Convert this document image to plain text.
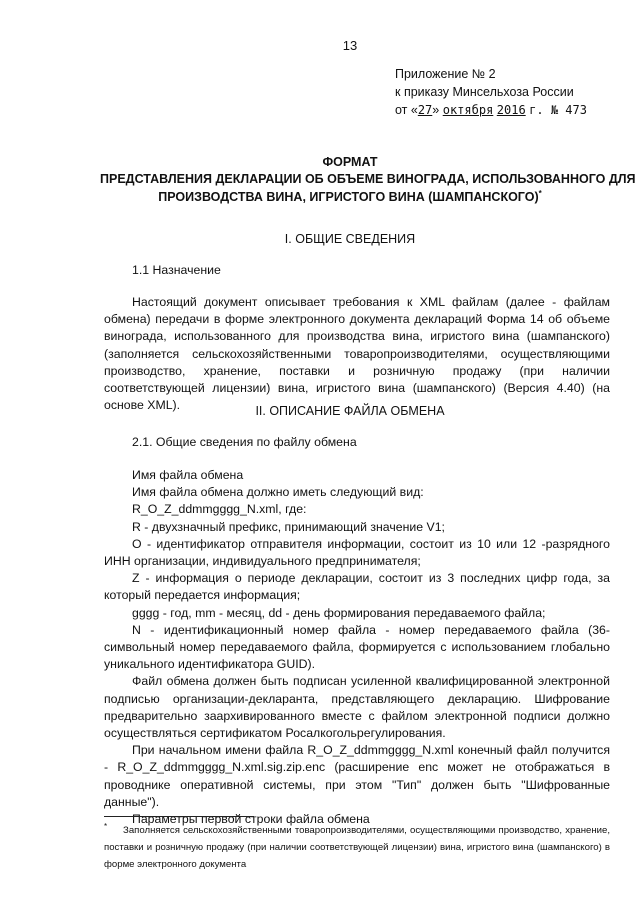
13
Приложение № 2
к приказу Минсельхоза России
от «27» октября 2016 г. № 473
ФОРМАТ
ПРЕДСТАВЛЕНИЯ ДЕКЛАРАЦИИ ОБ ОБЪЕМЕ ВИНОГРАДА, ИСПОЛЬЗОВАННОГО ДЛЯ
ПРОИЗВОДСТВА ВИНА, ИГРИСТОГО ВИНА (ШАМПАНСКОГО)*
I. ОБЩИЕ СВЕДЕНИЯ
1.1 Назначение

Настоящий документ описывает требования к XML файлам (далее - файлам обмена) передачи в форме электронного документа деклараций Форма 14 об объеме винограда, использованного для производства вина, игристого вина (шампанского) (заполняется сельскохозяйственными товаропроизводителями, осуществляющими производство, хранение, поставки и розничную продажу (при наличии соответствующей лицензии) вина, игристого вина (шампанского) (Версия 4.40) (на основе XML).	II. ОПИСАНИЕ ФАЙЛА ОБМЕНА
2.1. Общие сведения по файлу обмена

Имя файла обмена

Имя файла обмена должно иметь следующий вид:

R_O_Z_ddmmgggg_N.xml, где:

R - двухзначный префикс, принимающий значение V1;

O - идентификатор отправителя информации, состоит из 10 или 12 -разрядного ИНН организации, индивидуального предпринимателя;

Z - информация о периоде декларации, состоит из 3 последних цифр года, за который передается информация;

gggg - год, mm - месяц, dd - день формирования передаваемого файла;

N - идентификационный номер файла - номер передаваемого файла (36-символьный номер передаваемого файла, формируется с использованием глобально уникального идентификатора GUID).

Файл обмена должен быть подписан усиленной квалифицированной электронной подписью организации-декларанта, представляющего декларацию. Шифрование предварительно заархивированного вместе с файлом электронной подписи должно осуществляться сертификатом Росалкогольрегулирования.

При начальном имени файла R_O_Z_ddmmgggg_N.xml конечный файл получится - R_O_Z_ddmmgggg_N.xml.sig.zip.enc (расширение enc может не отображаться в проводнике оперативной системы, при этом "Тип" должен быть "Шифрованные данные").

Параметры первой строки файла обмена

* Заполняется сельскохозяйственными товаропроизводителями, осуществляющими производство, хранение, поставки и розничную продажу (при наличии соответствующей лицензии) вина, игристого вина (шампанского) в форме электронного документа
